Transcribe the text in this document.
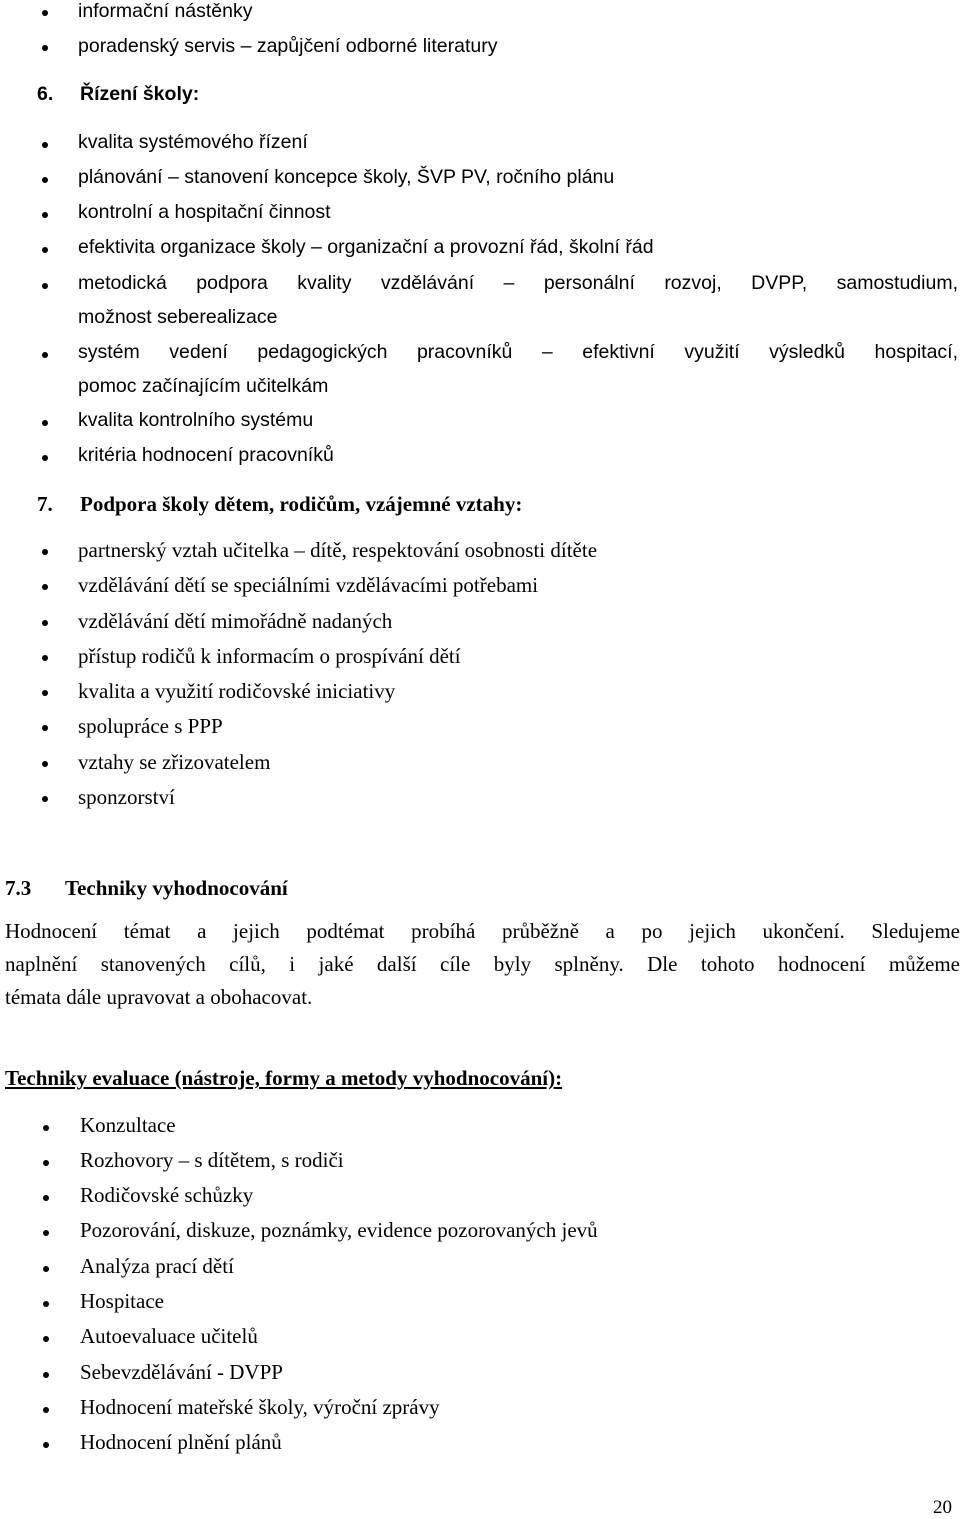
informační nástěnky
poradenský servis – zapůjčení odborné literatury
6. Řízení školy:
kvalita systémového řízení
plánování – stanovení koncepce školy, ŠVP PV, ročního plánu
kontrolní a hospitační činnost
efektivita organizace školy – organizační a provozní řád, školní řád
metodická podpora kvality vzdělávání – personální rozvoj, DVPP, samostudium,
možnost seberealizace
systém vedení pedagogických pracovníků – efektivní využití výsledků hospitací,
pomoc začínajícím učitelkám
kvalita kontrolního systému
kritéria hodnocení pracovníků
7. Podpora školy dětem, rodičům, vzájemné vztahy:
partnerský vztah učitelka – dítě, respektování osobnosti dítěte
vzdělávání dětí se speciálními vzdělávacími potřebami
vzdělávání dětí mimořádně nadaných
přístup rodičů k informacím o prospívání dětí
kvalita a využití rodičovské iniciativy
spolupráce s PPP
vztahy se zřizovatelem
sponzorství
7.3 Techniky vyhodnocování
Hodnocení témat a jejich podtémat probíhá průběžně a po jejich ukončení. Sledujeme
naplnění stanovených cílů, i jaké další cíle byly splněny. Dle tohoto hodnocení můžeme
témata dále upravovat a obohacovat.
Techniky evaluace (nástroje, formy a metody vyhodnocování):
Konzultace
Rozhovory – s dítětem, s rodiči
Rodičovské schůzky
Pozorování, diskuze, poznámky, evidence pozorovaných jevů
Analýza prací dětí
Hospitace
Autoevaluace učitelů
Sebevzdělávání - DVPP
Hodnocení mateřské školy, výroční zprávy
Hodnocení plnění plánů
20
